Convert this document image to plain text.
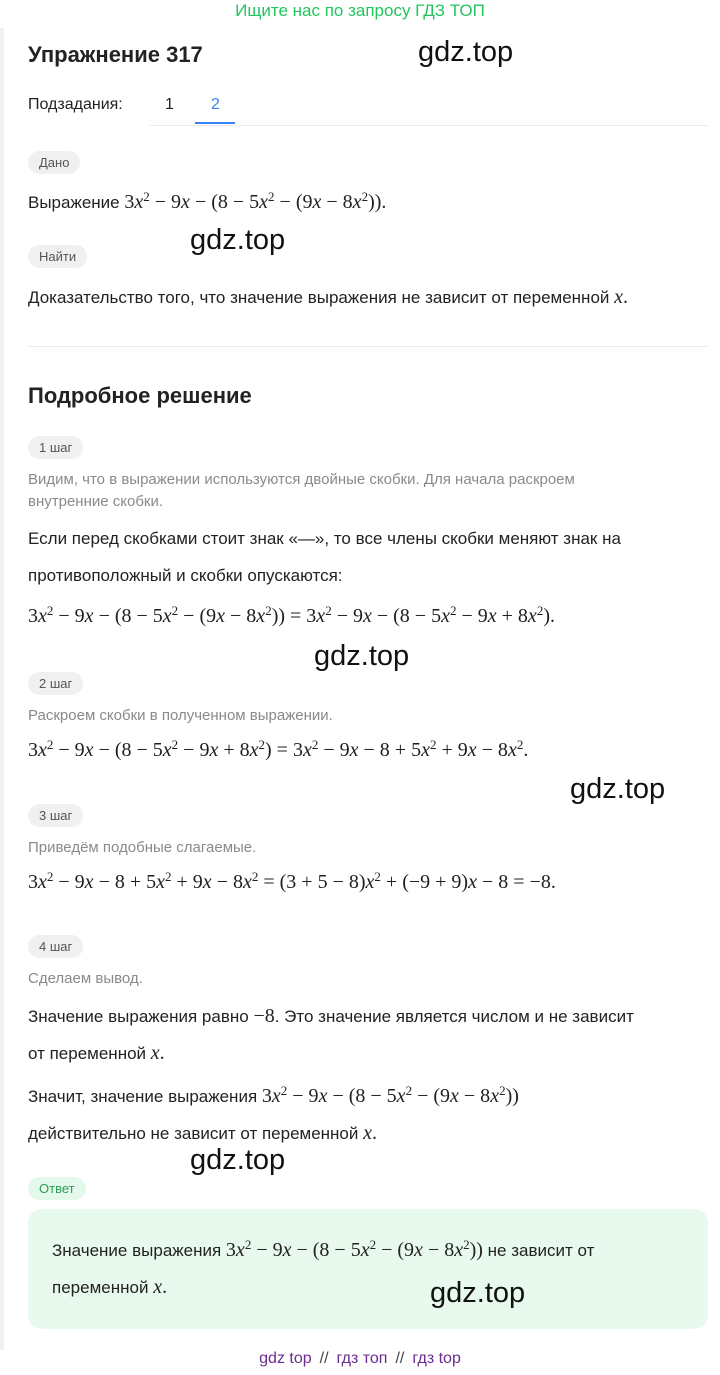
Ищите нас по запросу ГДЗ ТОП
Упражнение 317	gdz.top
Подзадания:	1 2
Дано
Выражение $3x^2 - 9x - (8 - 5x^2 - (9x - 8x^2))$.
gdz.top
Найти
Доказательство того, что значение выражения не зависит от переменной x.
Подробное решение
1 шаг
Видим, что в выражении используются двойные скобки. Для начала раскроем
внутренние скобки.
Если перед скобками стоит знак «—», то все члены скобки меняют знак на
противоположный и скобки опускаются:
$3x^2 - 9x - (8 - 5x^2 - (9x - 8x^2)) = 3x^2 - 9x - (8 - 5x^2 - 9x + 8x^2)$.
gdz.top
2 шаг
Раскроем скобки в полученном выражении.
$3x^2 - 9x - (8 - 5x^2 - 9x + 8x^2) = 3x^2 - 9x - 8 + 5x^2 + 9x - 8x^2$.
gdz.top
3 шаг
Приведём подобные слагаемые.
$3x^2 - 9x - 8 + 5x^2 + 9x - 8x^2 = (3 + 5 - 8)x^2 + (-9 + 9)x - 8 = -8$.
4 шаг
Сделаем вывод.
Значение выражения равно −8. Это значение является числом и не зависит
от переменной x.
Значит, значение выражения $3x^2 - 9x - (8 - 5x^2 - (9x - 8x^2))$
действительно не зависит от переменной x.
gdz.top
Ответ
Значение выражения $3x^2 - 9x - (8 - 5x^2 - (9x - 8x^2))$ не зависит от
переменной x.	gdz.top
gdz top // гдз топ // гдз top
